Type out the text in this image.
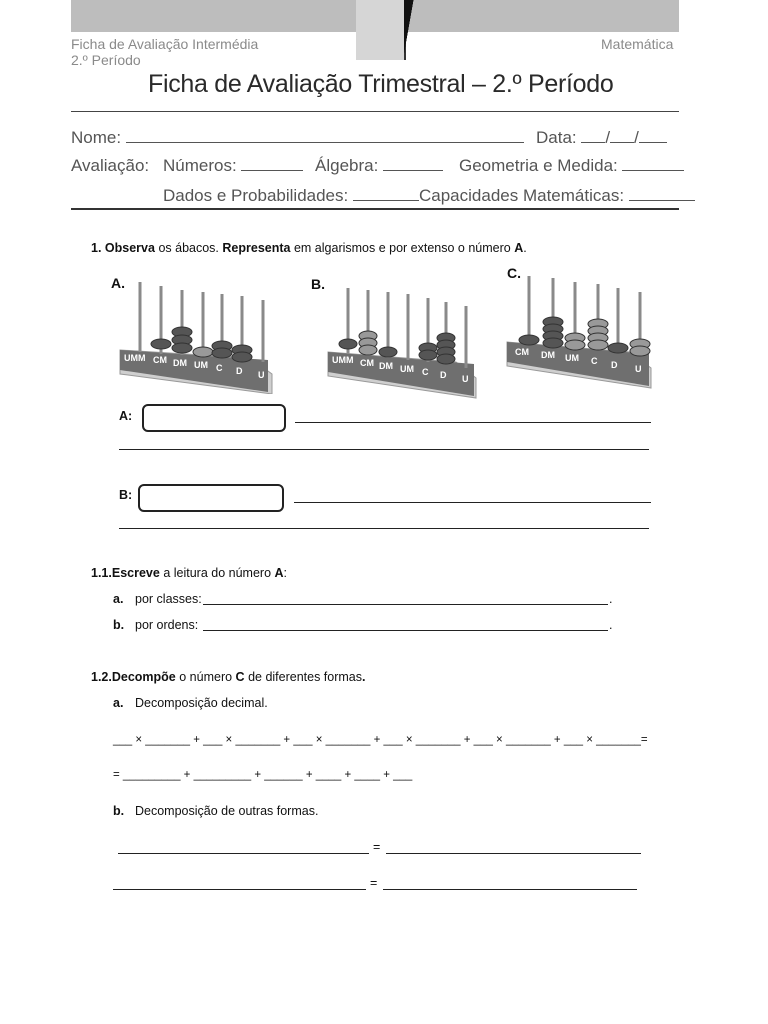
Ficha de Avaliação Intermédia
2.º Período
Matemática
Ficha de Avaliação Trimestral – 2.º Período
Nome:	Data: / /
Avaliação: Números:	Álgebra:	Geometria e Medida:
Dados e Probabilidades:	Capacidades Matemáticas:
1. Observa os ábacos. Representa em algarismos e por extenso o número A.
A.	B.
C.
UMM CM DM UM C D U
UMM CM DM UM C D U
CM DM UM C D U
A:
B:
1.1.Escreve a leitura do número A:
a. por classes:	.
b. por ordens:	.
1.2.Decompõe o número C de diferentes formas.
a. Decomposição decimal.
___ × _______ + ___ × _______ + ___ × _______ + ___ × _______ + ___ × _______ + ___ × _______=
= _________ + _________ + ______ + ____ + ____ + ___
b. Decomposição de outras formas.
=
=
